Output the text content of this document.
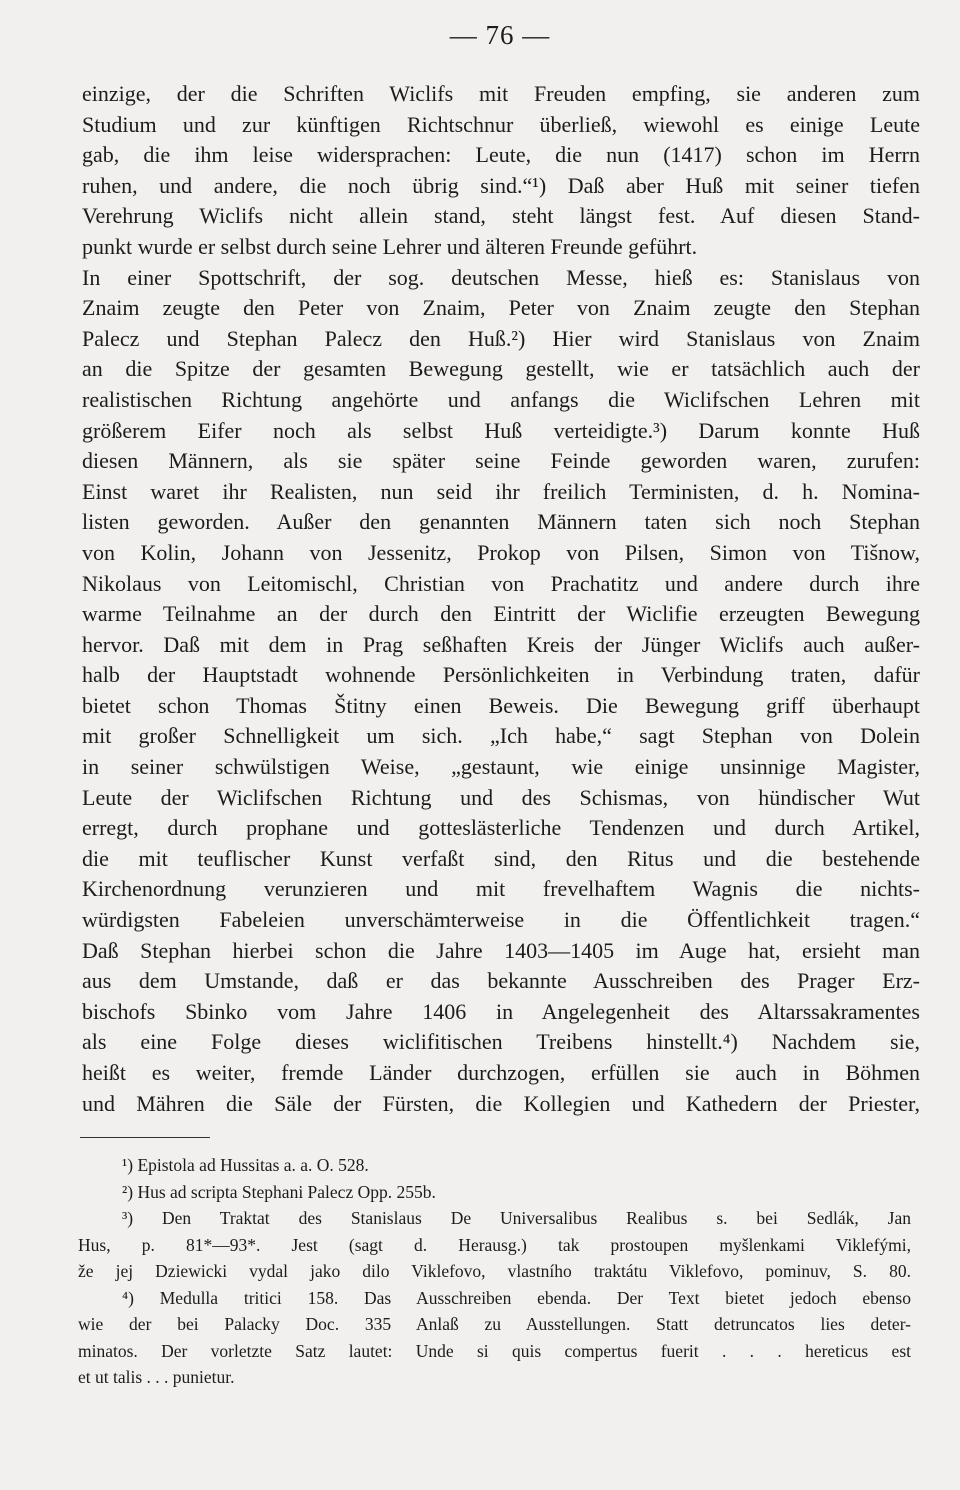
— 76 —
einzige, der die Schriften Wiclifs mit Freuden empfing, sie anderen zum
Studium und zur künftigen Richtschnur überließ, wiewohl es einige Leute
gab, die ihm leise widersprachen: Leute, die nun (1417) schon im Herrn
ruhen, und andere, die noch übrig sind.“¹) Daß aber Huß mit seiner tiefen
Verehrung Wiclifs nicht allein stand, steht längst fest. Auf diesen Stand-
punkt wurde er selbst durch seine Lehrer und älteren Freunde geführt.
In einer Spottschrift, der sog. deutschen Messe, hieß es: Stanislaus von
Znaim zeugte den Peter von Znaim, Peter von Znaim zeugte den Stephan
Palecz und Stephan Palecz den Huß.²) Hier wird Stanislaus von Znaim
an die Spitze der gesamten Bewegung gestellt, wie er tatsächlich auch der
realistischen Richtung angehörte und anfangs die Wiclifschen Lehren mit
größerem Eifer noch als selbst Huß verteidigte.³) Darum konnte Huß
diesen Männern, als sie später seine Feinde geworden waren, zurufen:
Einst waret ihr Realisten, nun seid ihr freilich Terministen, d. h. Nomina-
listen geworden. Außer den genannten Männern taten sich noch Stephan
von Kolin, Johann von Jessenitz, Prokop von Pilsen, Simon von Tišnow,
Nikolaus von Leitomischl, Christian von Prachatitz und andere durch ihre
warme Teilnahme an der durch den Eintritt der Wiclifie erzeugten Bewegung
hervor. Daß mit dem in Prag seßhaften Kreis der Jünger Wiclifs auch außer-
halb der Hauptstadt wohnende Persönlichkeiten in Verbindung traten, dafür
bietet schon Thomas Štitny einen Beweis. Die Bewegung griff überhaupt
mit großer Schnelligkeit um sich. „Ich habe,“ sagt Stephan von Dolein
in seiner schwülstigen Weise, „gestaunt, wie einige unsinnige Magister,
Leute der Wiclifschen Richtung und des Schismas, von hündischer Wut
erregt, durch prophane und gotteslästerliche Tendenzen und durch Artikel,
die mit teuflischer Kunst verfaßt sind, den Ritus und die bestehende
Kirchenordnung verunzieren und mit frevelhaftem Wagnis die nichts-
würdigsten Fabeleien unverschämterweise in die Öffentlichkeit tragen.“
Daß Stephan hierbei schon die Jahre 1403—1405 im Auge hat, ersieht man
aus dem Umstande, daß er das bekannte Ausschreiben des Prager Erz-
bischofs Sbinko vom Jahre 1406 in Angelegenheit des Altarssakramentes
als eine Folge dieses wiclifitischen Treibens hinstellt.⁴) Nachdem sie,
heißt es weiter, fremde Länder durchzogen, erfüllen sie auch in Böhmen
und Mähren die Säle der Fürsten, die Kollegien und Kathedern der Priester,
¹) Epistola ad Hussitas a. a. O. 528.
²) Hus ad scripta Stephani Palecz Opp. 255b.
³) Den Traktat des Stanislaus De Universalibus Realibus s. bei Sedlák, Jan
Hus, p. 81*—93*. Jest (sagt d. Herausg.) tak prostoupen myšlenkami Viklefými,
že jej Dziewicki vydal jako dilo Viklefovo, vlastního traktátu Viklefovo, pominuv, S. 80.
⁴) Medulla tritici 158. Das Ausschreiben ebenda. Der Text bietet jedoch ebenso
wie der bei Palacky Doc. 335 Anlaß zu Ausstellungen. Statt detruncatos lies deter-
minatos. Der vorletzte Satz lautet: Unde si quis compertus fuerit . . . hereticus est
et ut talis . . . punietur.
